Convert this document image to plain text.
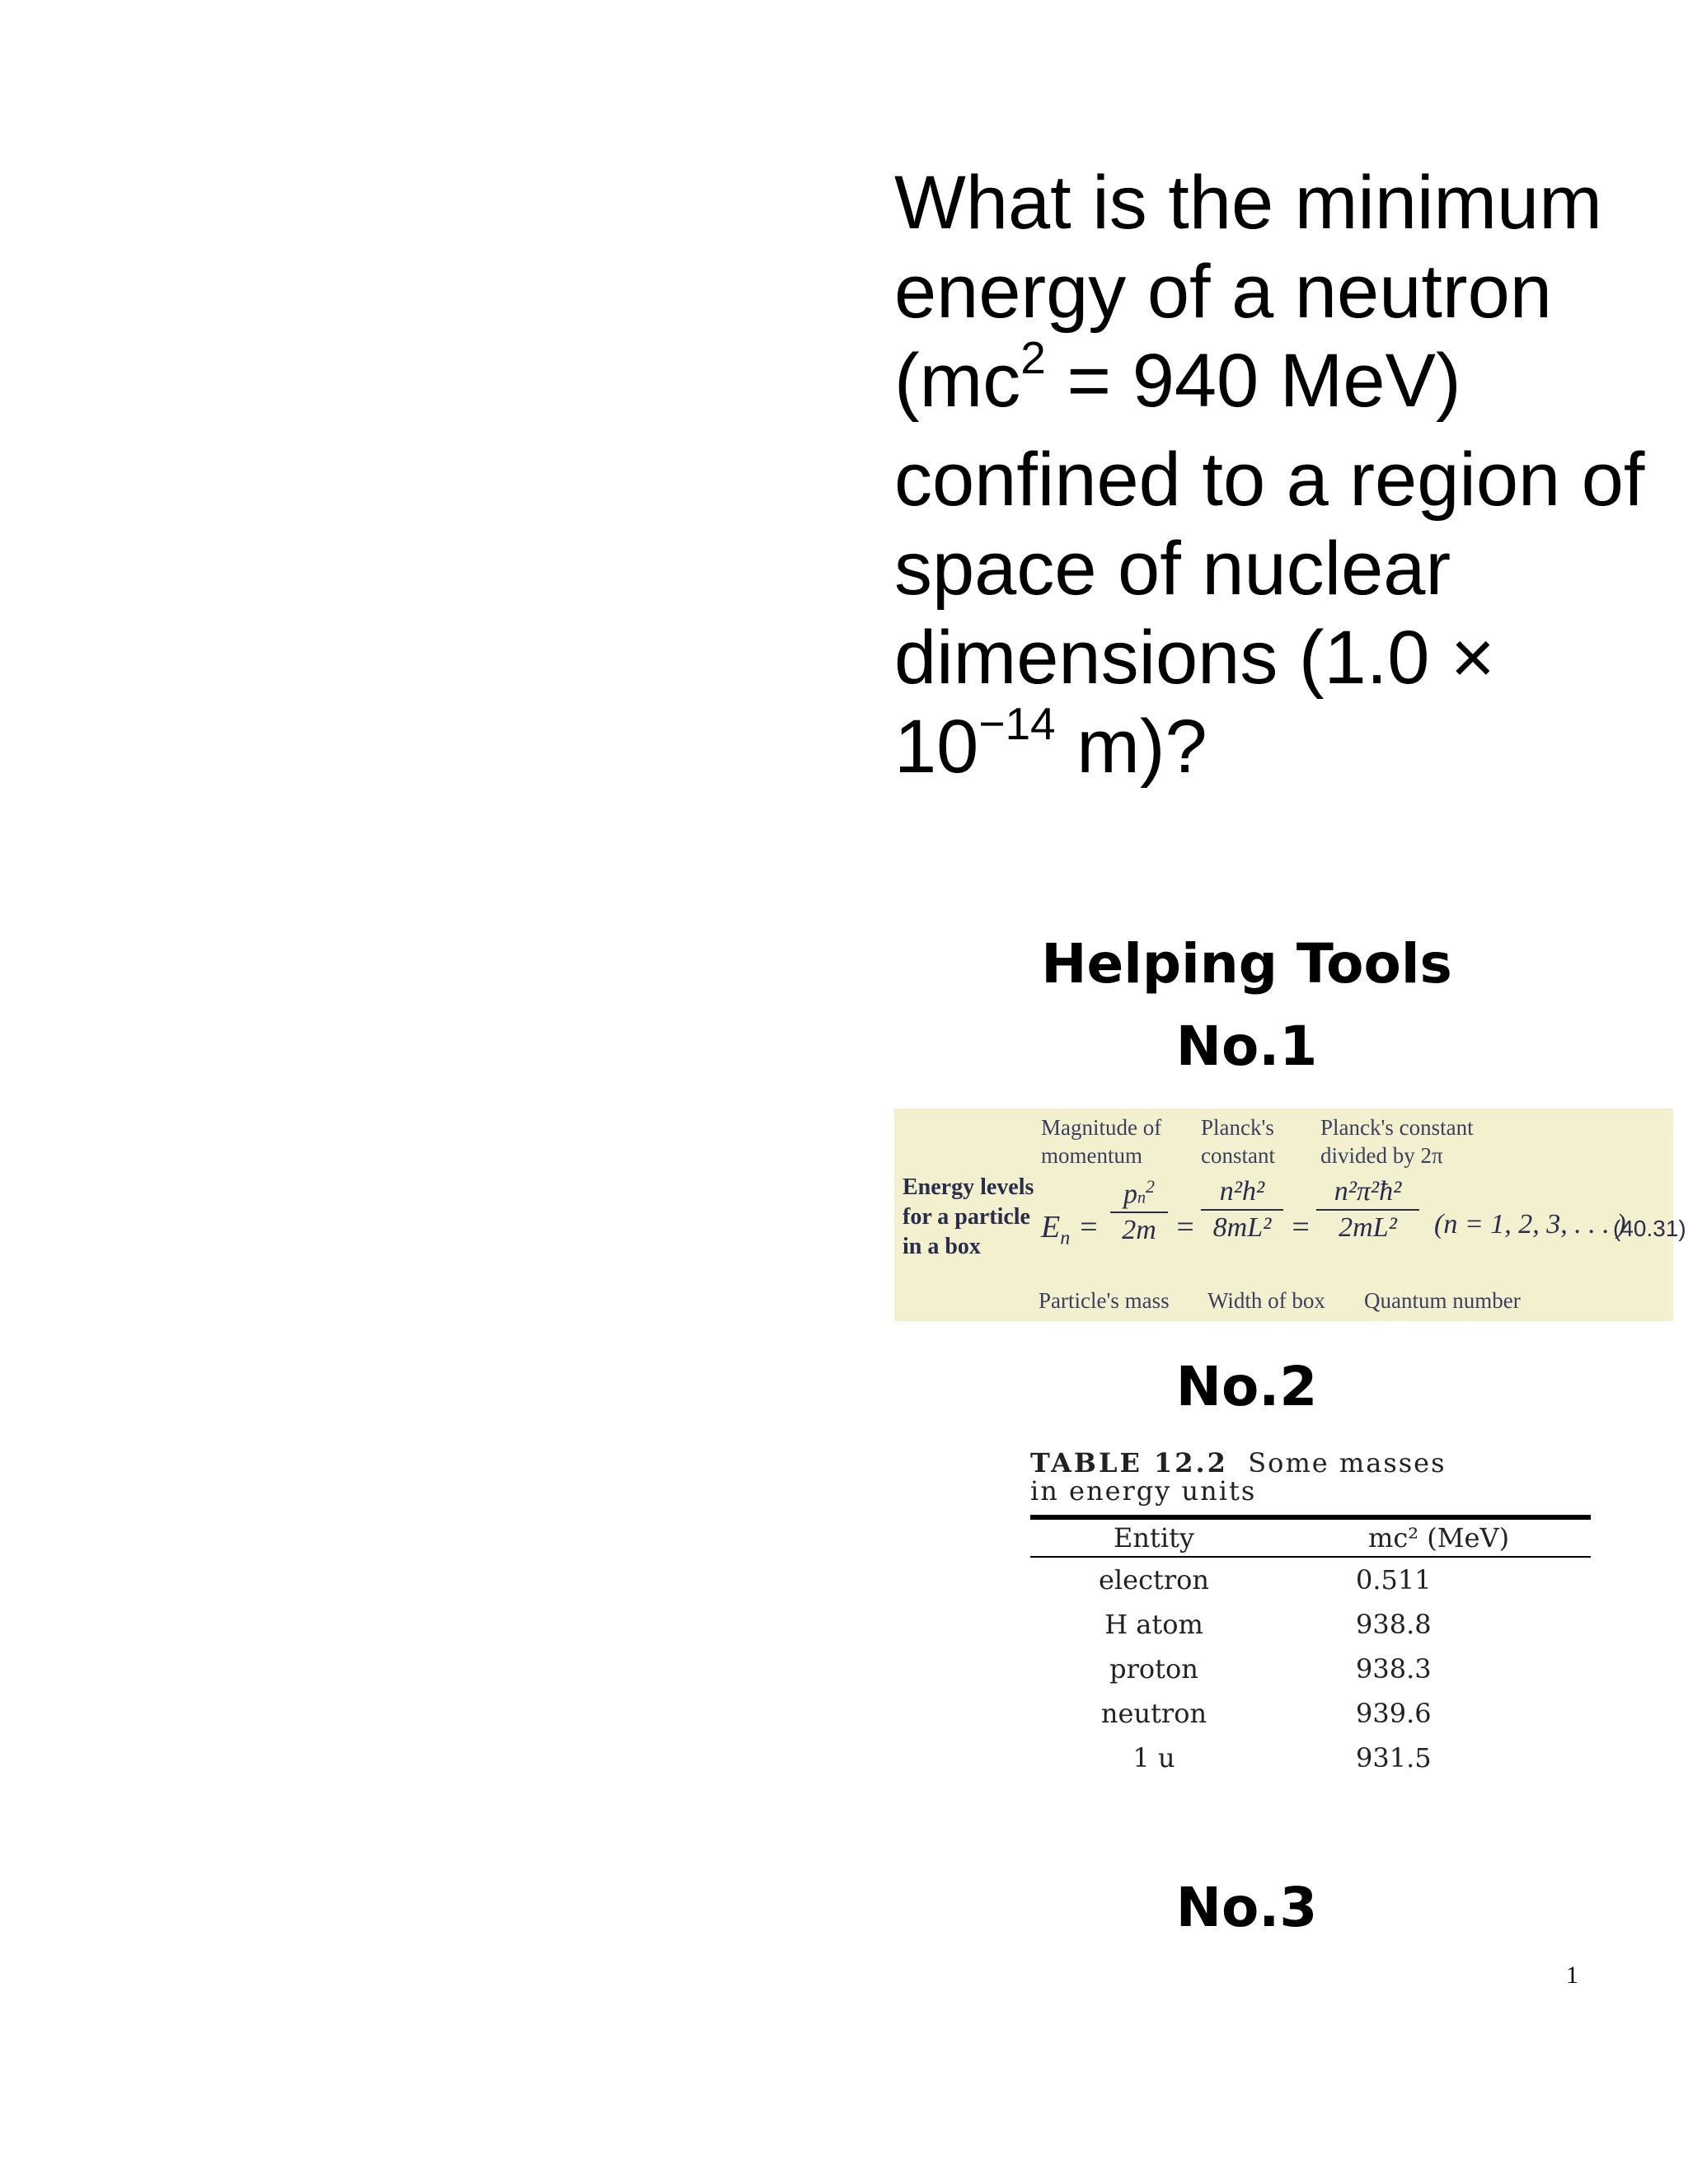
What is the minimum energy of a neutron ($mc^2 = 940$ MeV) confined to a region of space of nuclear dimensions ($1.0 \times 10^{-14}$ m)?
Helping Tools
No.1
Energy levels
for a particle
in a box
Magnitude of
momentum
Planck's
constant
Planck's constant
divided by 2π
$E_n$ =
$pn^2$
2m =
n²h²
8mL² =
n²π²ħ²
2mL²	(n = 1, 2, 3, . . . )
(40.31)
Particle's mass Width of box Quantum number
No.2
TABLE 12.2 Some masses
in energy units
Entity	mc² (MeV)
electron	0.511
H atom	938.8
proton	938.3
neutron	939.6
1 u	931.5
No.3
1
